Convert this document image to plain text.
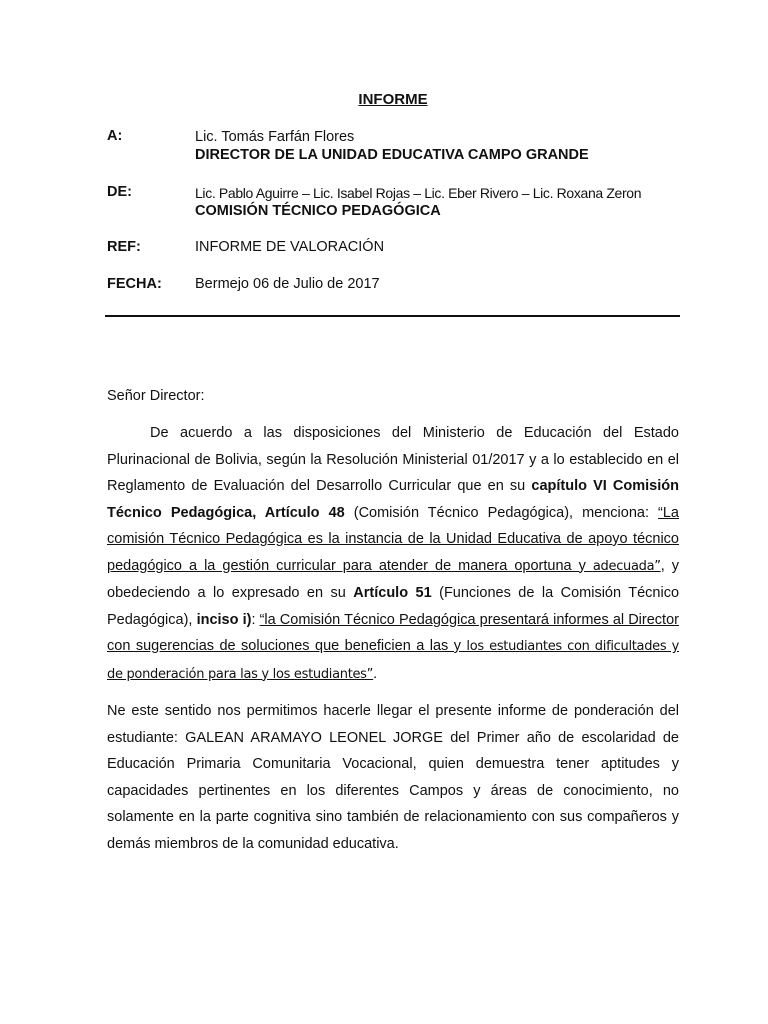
INFORME
A:	Lic. Tomás Farfán Flores
DIRECTOR DE LA UNIDAD EDUCATIVA CAMPO GRANDE
DE:	Lic. Pablo Aguirre – Lic. Isabel Rojas – Lic. Eber Rivero – Lic. Roxana Zeron
COMISIÓN TÉCNICO PEDAGÓGICA
REF:	INFORME DE VALORACIÓN
FECHA: Bermejo 06 de Julio de 2017
Señor Director:
De acuerdo a las disposiciones del Ministerio de Educación del Estado Plurinacional de Bolivia, según la Resolución Ministerial 01/2017 y a lo establecido en el Reglamento de Evaluación del Desarrollo Curricular que en su capítulo VI Comisión Técnico Pedagógica, Artículo 48 (Comisión Técnico Pedagógica), menciona: “La comisión Técnico Pedagógica es la instancia de la Unidad Educativa de apoyo técnico pedagógico a la gestión curricular para atender de manera oportuna y adecuada”, y obedeciendo a lo expresado en su Artículo 51 (Funciones de la Comisión Técnico Pedagógica), inciso i): “la Comisión Técnico Pedagógica presentará informes al Director con sugerencias de soluciones que beneficien a las y los estudiantes con dificultades y de ponderación para las y los estudiantes”.
Ne este sentido nos permitimos hacerle llegar el presente informe de ponderación del estudiante: GALEAN ARAMAYO LEONEL JORGE del Primer año de escolaridad de Educación Primaria Comunitaria Vocacional, quien demuestra tener aptitudes y capacidades pertinentes en los diferentes Campos y áreas de conocimiento, no solamente en la parte cognitiva sino también de relacionamiento con sus compañeros y demás miembros de la comunidad educativa.
